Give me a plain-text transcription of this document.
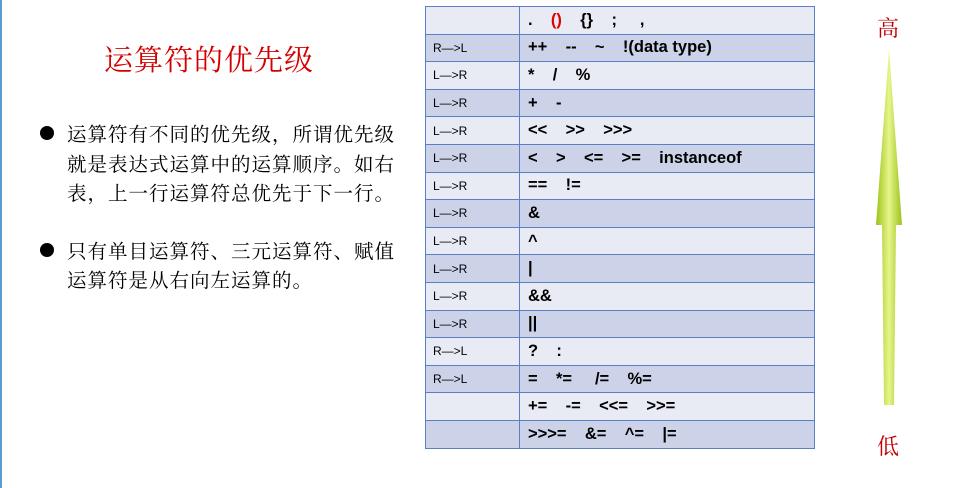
运算符的优先级
运算符有不同的优先级，所谓优先级就是表达式运算中的运算顺序。如右表，上一行运算符总优先于下一行。
只有单目运算符、三元运算符、赋值运算符是从右向左运算的。
	.    ()    {}    ;     ,
R—>L	++    --    ~    !(data type)
L—>R	*    /    %
L—>R	+    -
L—>R	<<    >>    >>>
L—>R	<    >    <=    >=    instanceof
L—>R	==    !=
L—>R	&
L—>R	^
L—>R	|
L—>R	&&
L—>R	||
R—>L	?    :
R—>L	=    *=     /=    %=
	+=    -=    <<=    >>=
	>>>=    &=    ^=    |=
高
低
https://blog.csdn.net/weixin_44853669
